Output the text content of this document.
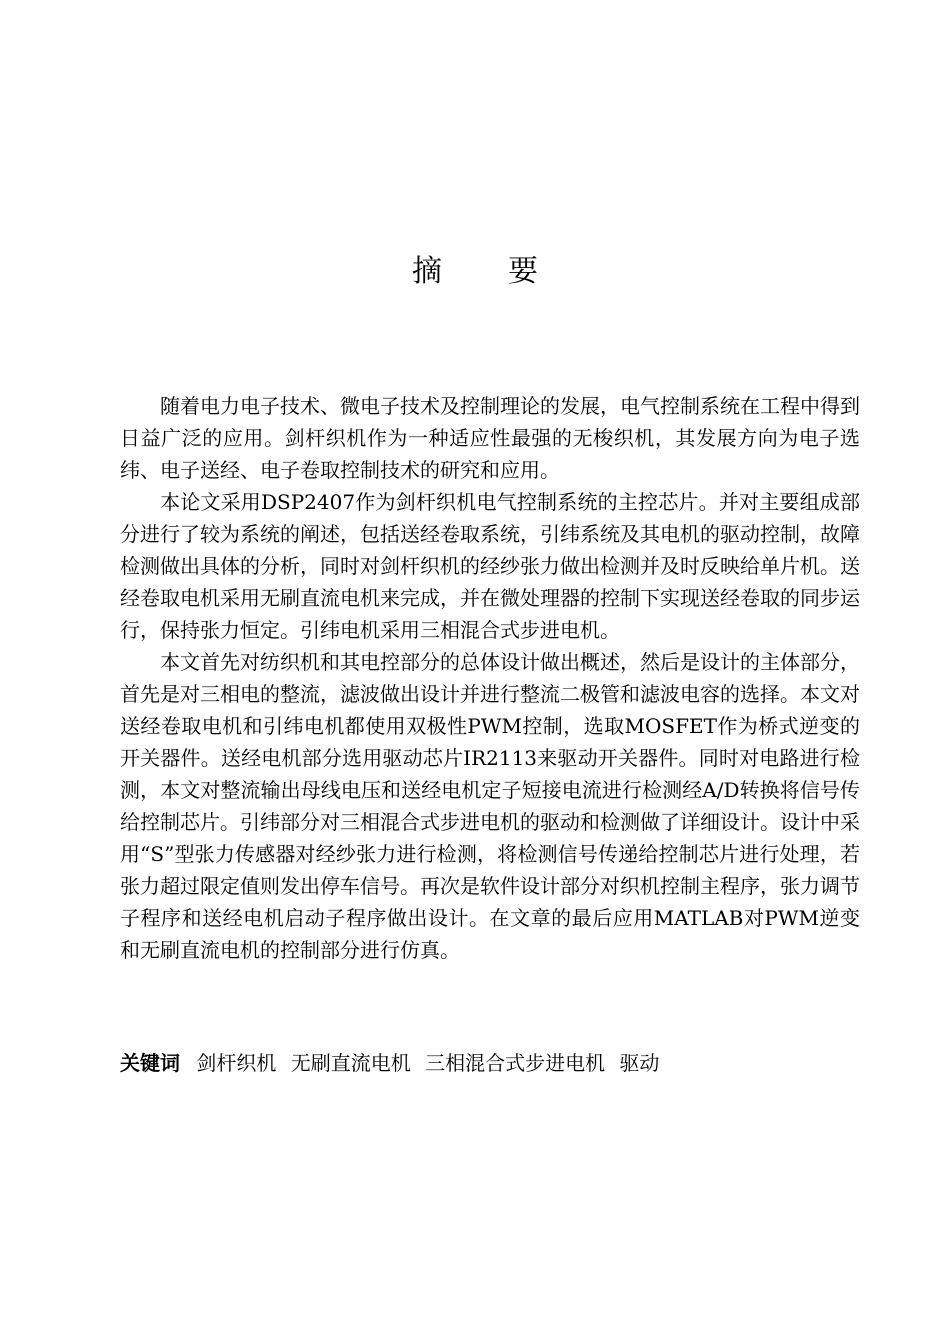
摘 要

随着电力电子技术、微电子技术及控制理论的发展，电气控制系统在工程中得到日益广泛的应用。剑杆织机作为一种适应性最强的无梭织机，其发展方向为电子选纬、电子送经、电子卷取控制技术的研究和应用。

本论文采用DSP2407作为剑杆织机电气控制系统的主控芯片。并对主要组成部分进行了较为系统的阐述，包括送经卷取系统，引纬系统及其电机的驱动控制，故障检测做出具体的分析，同时对剑杆织机的经纱张力做出检测并及时反映给单片机。送经卷取电机采用无刷直流电机来完成，并在微处理器的控制下实现送经卷取的同步运行，保持张力恒定。引纬电机采用三相混合式步进电机。

本文首先对纺织机和其电控部分的总体设计做出概述，然后是设计的主体部分，首先是对三相电的整流，滤波做出设计并进行整流二极管和滤波电容的选择。本文对送经卷取电机和引纬电机都使用双极性PWM控制，选取MOSFET作为桥式逆变的开关器件。送经电机部分选用驱动芯片IR2113来驱动开关器件。同时对电路进行检测，本文对整流输出母线电压和送经电机定子短接电流进行检测经A/D转换将信号传给控制芯片。引纬部分对三相混合式步进电机的驱动和检测做了详细设计。设计中采用“S”型张力传感器对经纱张力进行检测，将检测信号传递给控制芯片进行处理，若张力超过限定值则发出停车信号。再次是软件设计部分对织机控制主程序，张力调节子程序和送经电机启动子程序做出设计。在文章的最后应用MATLAB对PWM逆变和无刷直流电机的控制部分进行仿真。

关键词 剑杆织机 无刷直流电机 三相混合式步进电机 驱动
